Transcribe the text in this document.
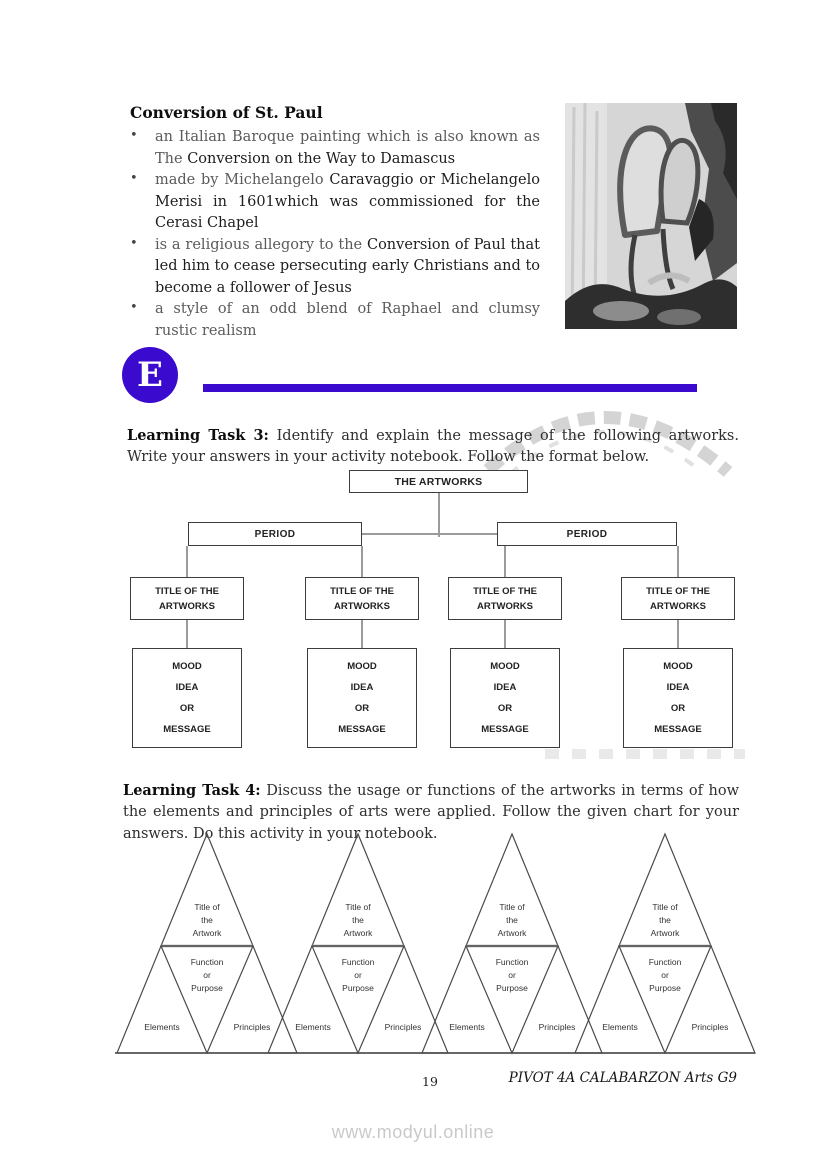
Conversion of St. Paul
•	an Italian Baroque painting which is also known as The Conversion on the Way to Damascus
•	made by Michelangelo Caravaggio or Michelangelo Merisi in 1601which was commissioned for the Cerasi Chapel
•	is a religious allegory to the Conversion of Paul that led him to cease persecuting early Christians and to become a follower of Jesus
•	a style of an odd blend of Raphael and clumsy rustic realism
E

Learning Task 3: Identify and explain the message of the following artworks. Write your answers in your activity notebook. Follow the format below.

THE ARTWORKS
PERIOD	PERIOD
TITLE OF THE
ARTWORKS
TITLE OF THE
ARTWORKS
TITLE OF THE
ARTWORKS
TITLE OF THE
ARTWORKS
MOOD
IDEA
OR
MESSAGE
MOOD
IDEA
OR
MESSAGE
MOOD
IDEA
OR
MESSAGE
MOOD
IDEA
OR
MESSAGE

Learning Task 4: Discuss the usage or functions of the artworks in terms of how the elements and principles of arts were applied. Follow the given chart for your answers. Do this activity in your notebook.

Title of
the
Artwork
Function
or
Purpose
Elements	Principles
Title of
the
Artwork
Function
or
Purpose
Elements	Principles
Title of
the
Artwork
Function
or
Purpose
Elements	Principles
Title of
the
Artwork
Function
or
Purpose
Elements	Principles
19	PIVOT 4A CALABARZON Arts G9
www.modyul.online
